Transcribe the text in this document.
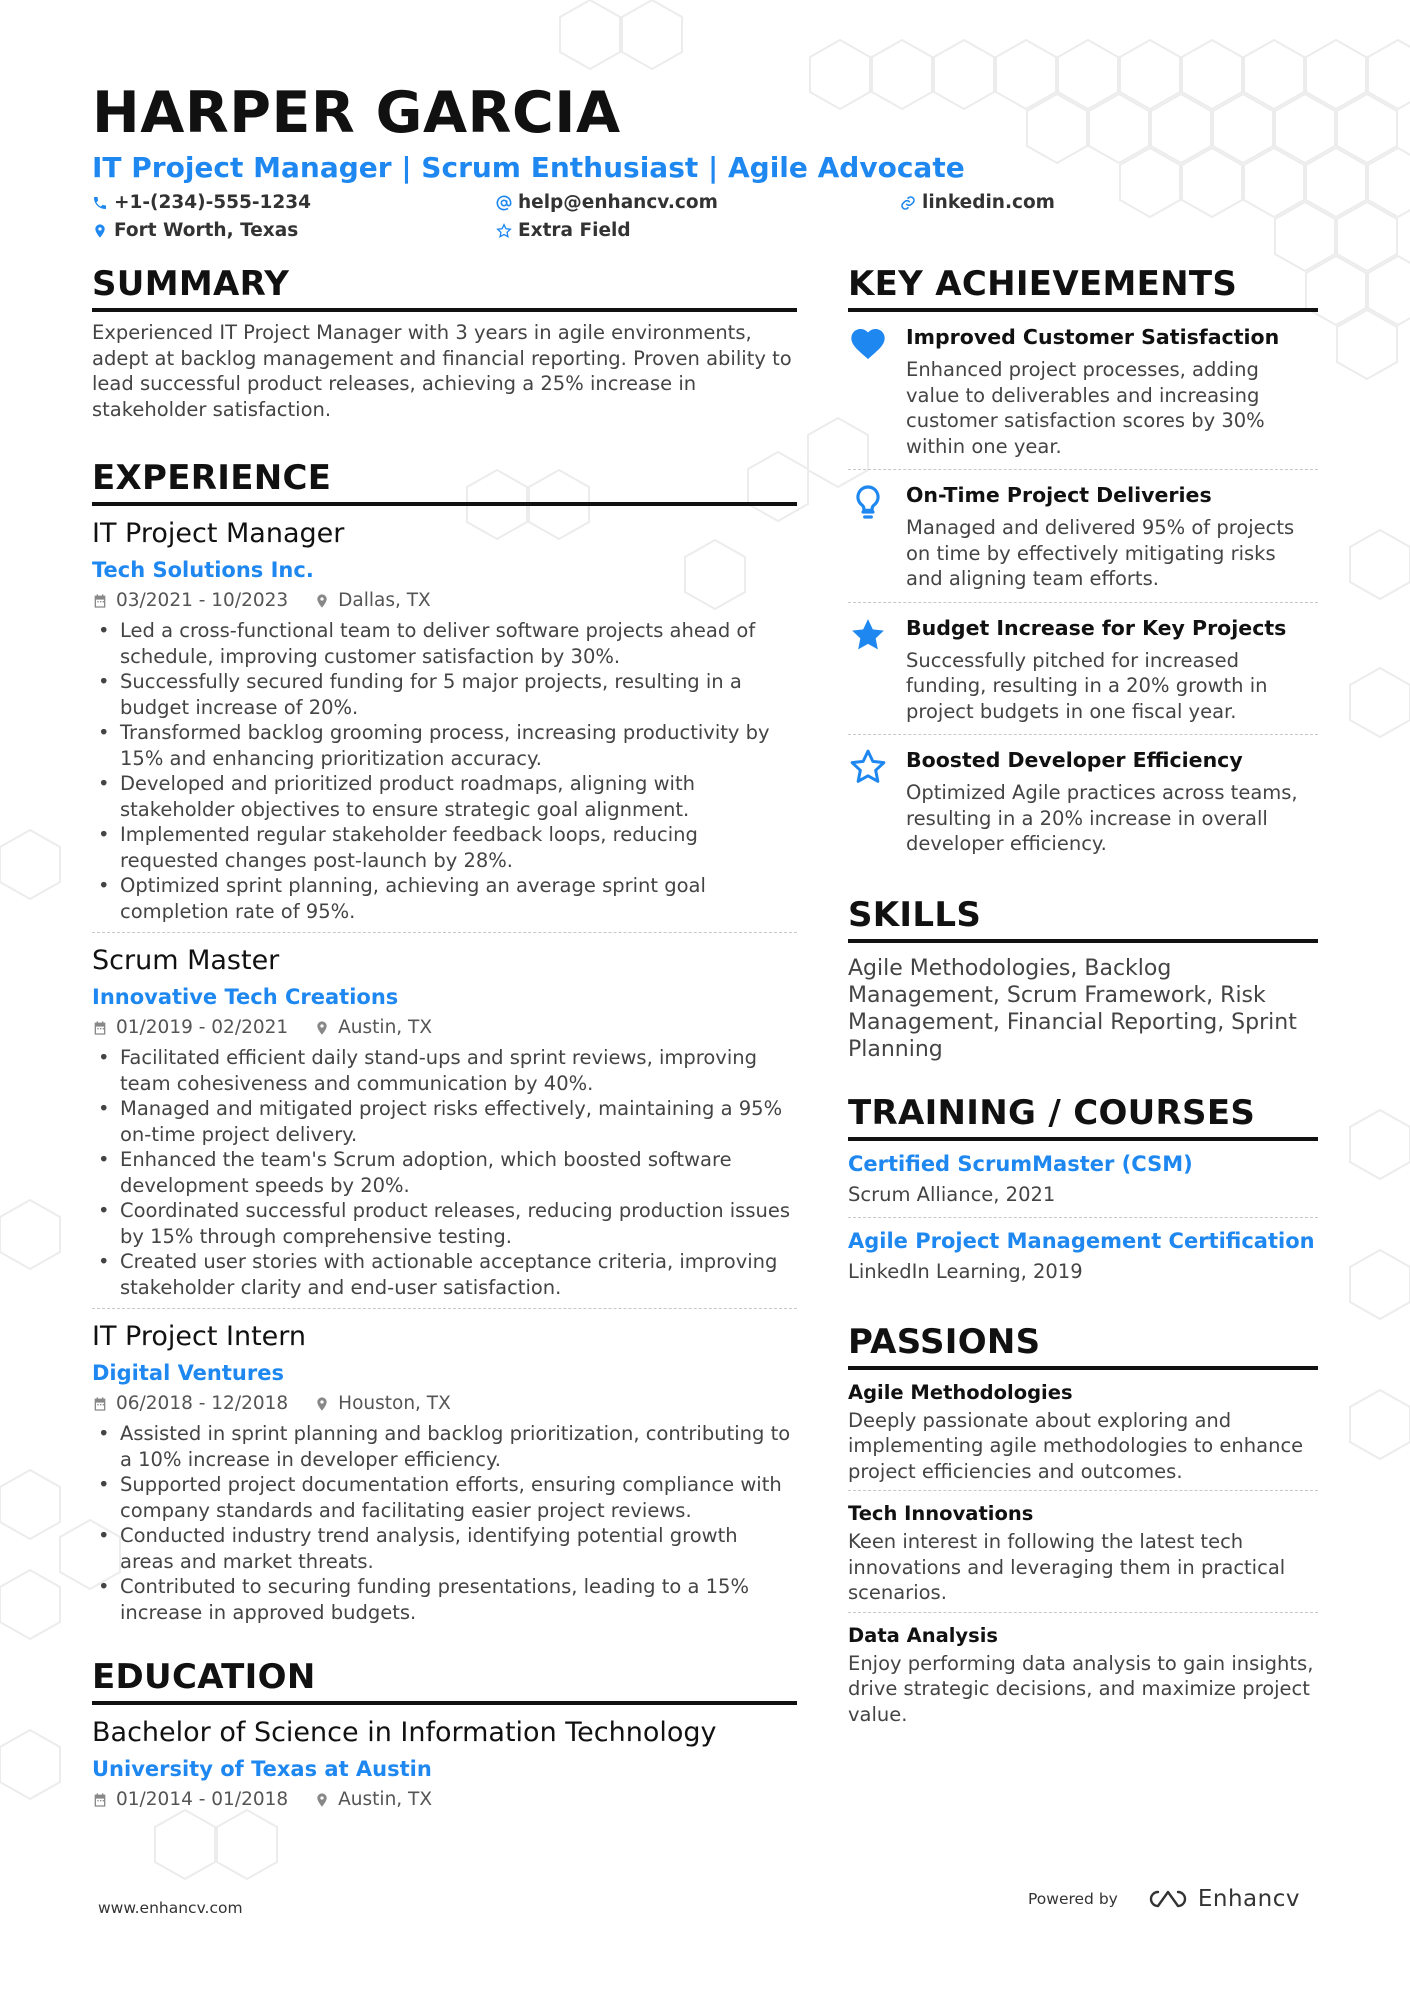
HARPER GARCIA
IT Project Manager | Scrum Enthusiast | Agile Advocate
+1-(234)-555-1234	help@enhancv.com	linkedin.com
Fort Worth, Texas	Extra Field
SUMMARY
Experienced IT Project Manager with 3 years in agile environments, adept at backlog management and financial reporting. Proven ability to lead successful product releases, achieving a 25% increase in stakeholder satisfaction.
EXPERIENCE
IT Project Manager
Tech Solutions Inc.
03/2021 - 10/2023	Dallas, TX
• Led a cross-functional team to deliver software projects ahead of schedule, improving customer satisfaction by 30%.
• Successfully secured funding for 5 major projects, resulting in a budget increase of 20%.
• Transformed backlog grooming process, increasing productivity by 15% and enhancing prioritization accuracy.
• Developed and prioritized product roadmaps, aligning with stakeholder objectives to ensure strategic goal alignment.
• Implemented regular stakeholder feedback loops, reducing requested changes post-launch by 28%.
• Optimized sprint planning, achieving an average sprint goal completion rate of 95%.
Scrum Master
Innovative Tech Creations
01/2019 - 02/2021	Austin, TX
• Facilitated efficient daily stand-ups and sprint reviews, improving team cohesiveness and communication by 40%.
• Managed and mitigated project risks effectively, maintaining a 95% on-time project delivery.
• Enhanced the team's Scrum adoption, which boosted software development speeds by 20%.
• Coordinated successful product releases, reducing production issues by 15% through comprehensive testing.
• Created user stories with actionable acceptance criteria, improving stakeholder clarity and end-user satisfaction.
IT Project Intern
Digital Ventures
06/2018 - 12/2018	Houston, TX
• Assisted in sprint planning and backlog prioritization, contributing to a 10% increase in developer efficiency.
• Supported project documentation efforts, ensuring compliance with company standards and facilitating easier project reviews.
• Conducted industry trend analysis, identifying potential growth areas and market threats.
• Contributed to securing funding presentations, leading to a 15% increase in approved budgets.
EDUCATION
Bachelor of Science in Information Technology
University of Texas at Austin
01/2014 - 01/2018	Austin, TX
KEY ACHIEVEMENTS
Improved Customer Satisfaction
Enhanced project processes, adding value to deliverables and increasing customer satisfaction scores by 30% within one year.
On-Time Project Deliveries
Managed and delivered 95% of projects on time by effectively mitigating risks and aligning team efforts.
Budget Increase for Key Projects
Successfully pitched for increased funding, resulting in a 20% growth in project budgets in one fiscal year.
Boosted Developer Efficiency
Optimized Agile practices across teams, resulting in a 20% increase in overall developer efficiency.
SKILLS
Agile Methodologies, Backlog Management, Scrum Framework, Risk Management, Financial Reporting, Sprint Planning
TRAINING / COURSES
Certified ScrumMaster (CSM)
Scrum Alliance, 2021
Agile Project Management Certification
LinkedIn Learning, 2019
PASSIONS
Agile Methodologies
Deeply passionate about exploring and implementing agile methodologies to enhance project efficiencies and outcomes.
Tech Innovations
Keen interest in following the latest tech innovations and leveraging them in practical scenarios.
Data Analysis
Enjoy performing data analysis to gain insights, drive strategic decisions, and maximize project value.
www.enhancv.com	Powered by	Enhancv
